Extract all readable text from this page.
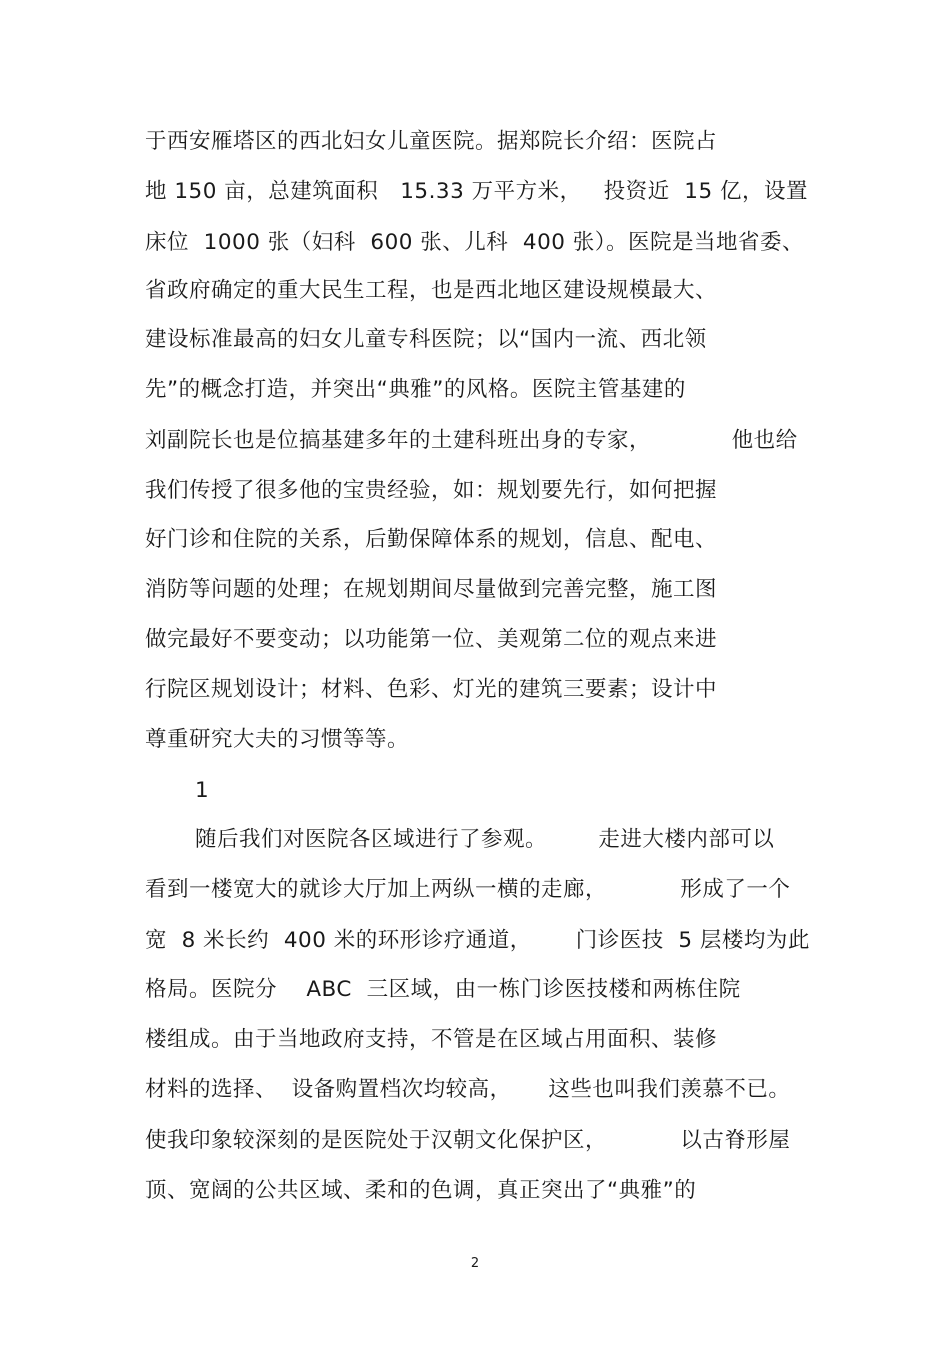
于西安雁塔区的西北妇女儿童医院。据郑院长介绍：医院占
地 150 亩，总建筑面积   15.33 万平方米，   投资近  15 亿，设置
床位  1000 张（妇科  600 张、儿科  400 张）。医院是当地省委、
省政府确定的重大民生工程，也是西北地区建设规模最大、
建设标准最高的妇女儿童专科医院；以“国内一流、西北领
先”的概念打造，并突出“典雅”的风格。医院主管基建的
刘副院长也是位搞基建多年的土建科班出身的专家，           他也给
我们传授了很多他的宝贵经验，如：规划要先行，如何把握
好门诊和住院的关系，后勤保障体系的规划，信息、配电、
消防等问题的处理；在规划期间尽量做到完善完整，施工图
做完最好不要变动；以功能第一位、美观第二位的观点来进
行院区规划设计；材料、色彩、灯光的建筑三要素；设计中
尊重研究大夫的习惯等等。
1
随后我们对医院各区域进行了参观。       走进大楼内部可以
看到一楼宽大的就诊大厅加上两纵一横的走廊，          形成了一个
宽  8 米长约  400 米的环形诊疗通道，      门诊医技  5 层楼均为此
格局。医院分    ABC  三区域，由一栋门诊医技楼和两栋住院
楼组成。由于当地政府支持，不管是在区域占用面积、装修
材料的选择、  设备购置档次均较高，     这些也叫我们羡慕不已。
使我印象较深刻的是医院处于汉朝文化保护区，          以古脊形屋
顶、宽阔的公共区域、柔和的色调，真正突出了“典雅”的
2
